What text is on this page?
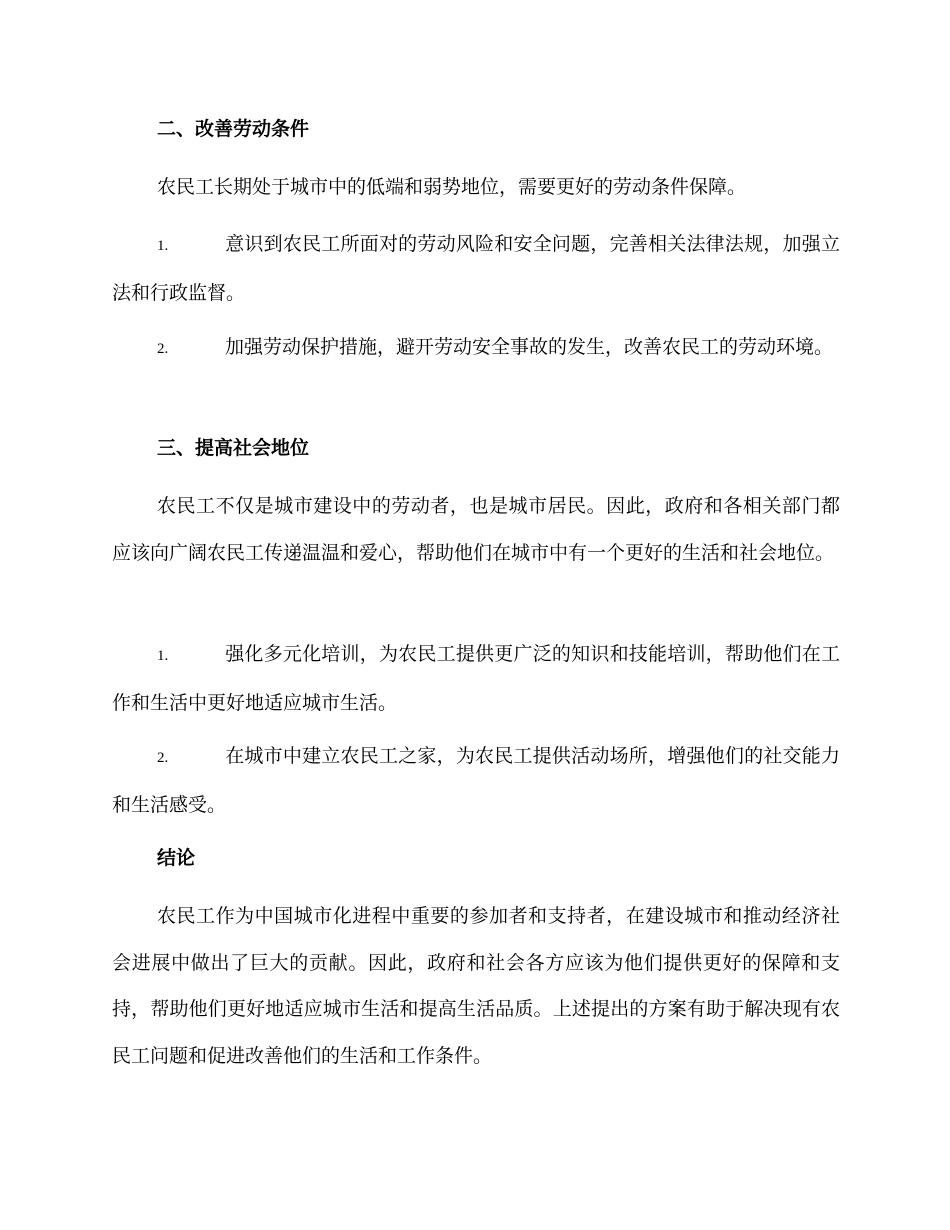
二、改善劳动条件

农民工长期处于城市中的低端和弱势地位，需要更好的劳动条件保障。

1.	意识到农民工所面对的劳动风险和安全问题，完善相关法律法规，加强立法和行政监督。

2.	加强劳动保护措施，避开劳动安全事故的发生，改善农民工的劳动环境。

三、提高社会地位

农民工不仅是城市建设中的劳动者，也是城市居民。因此，政府和各相关部门都应该向广阔农民工传递温温和爱心，帮助他们在城市中有一个更好的生活和社会地位。

1.	强化多元化培训，为农民工提供更广泛的知识和技能培训，帮助他们在工作和生活中更好地适应城市生活。

2.	在城市中建立农民工之家，为农民工提供活动场所，增强他们的社交能力和生活感受。

结论

农民工作为中国城市化进程中重要的参加者和支持者，在建设城市和推动经济社会进展中做出了巨大的贡献。因此，政府和社会各方应该为他们提供更好的保障和支持，帮助他们更好地适应城市生活和提高生活品质。上述提出的方案有助于解决现有农民工问题和促进改善他们的生活和工作条件。
